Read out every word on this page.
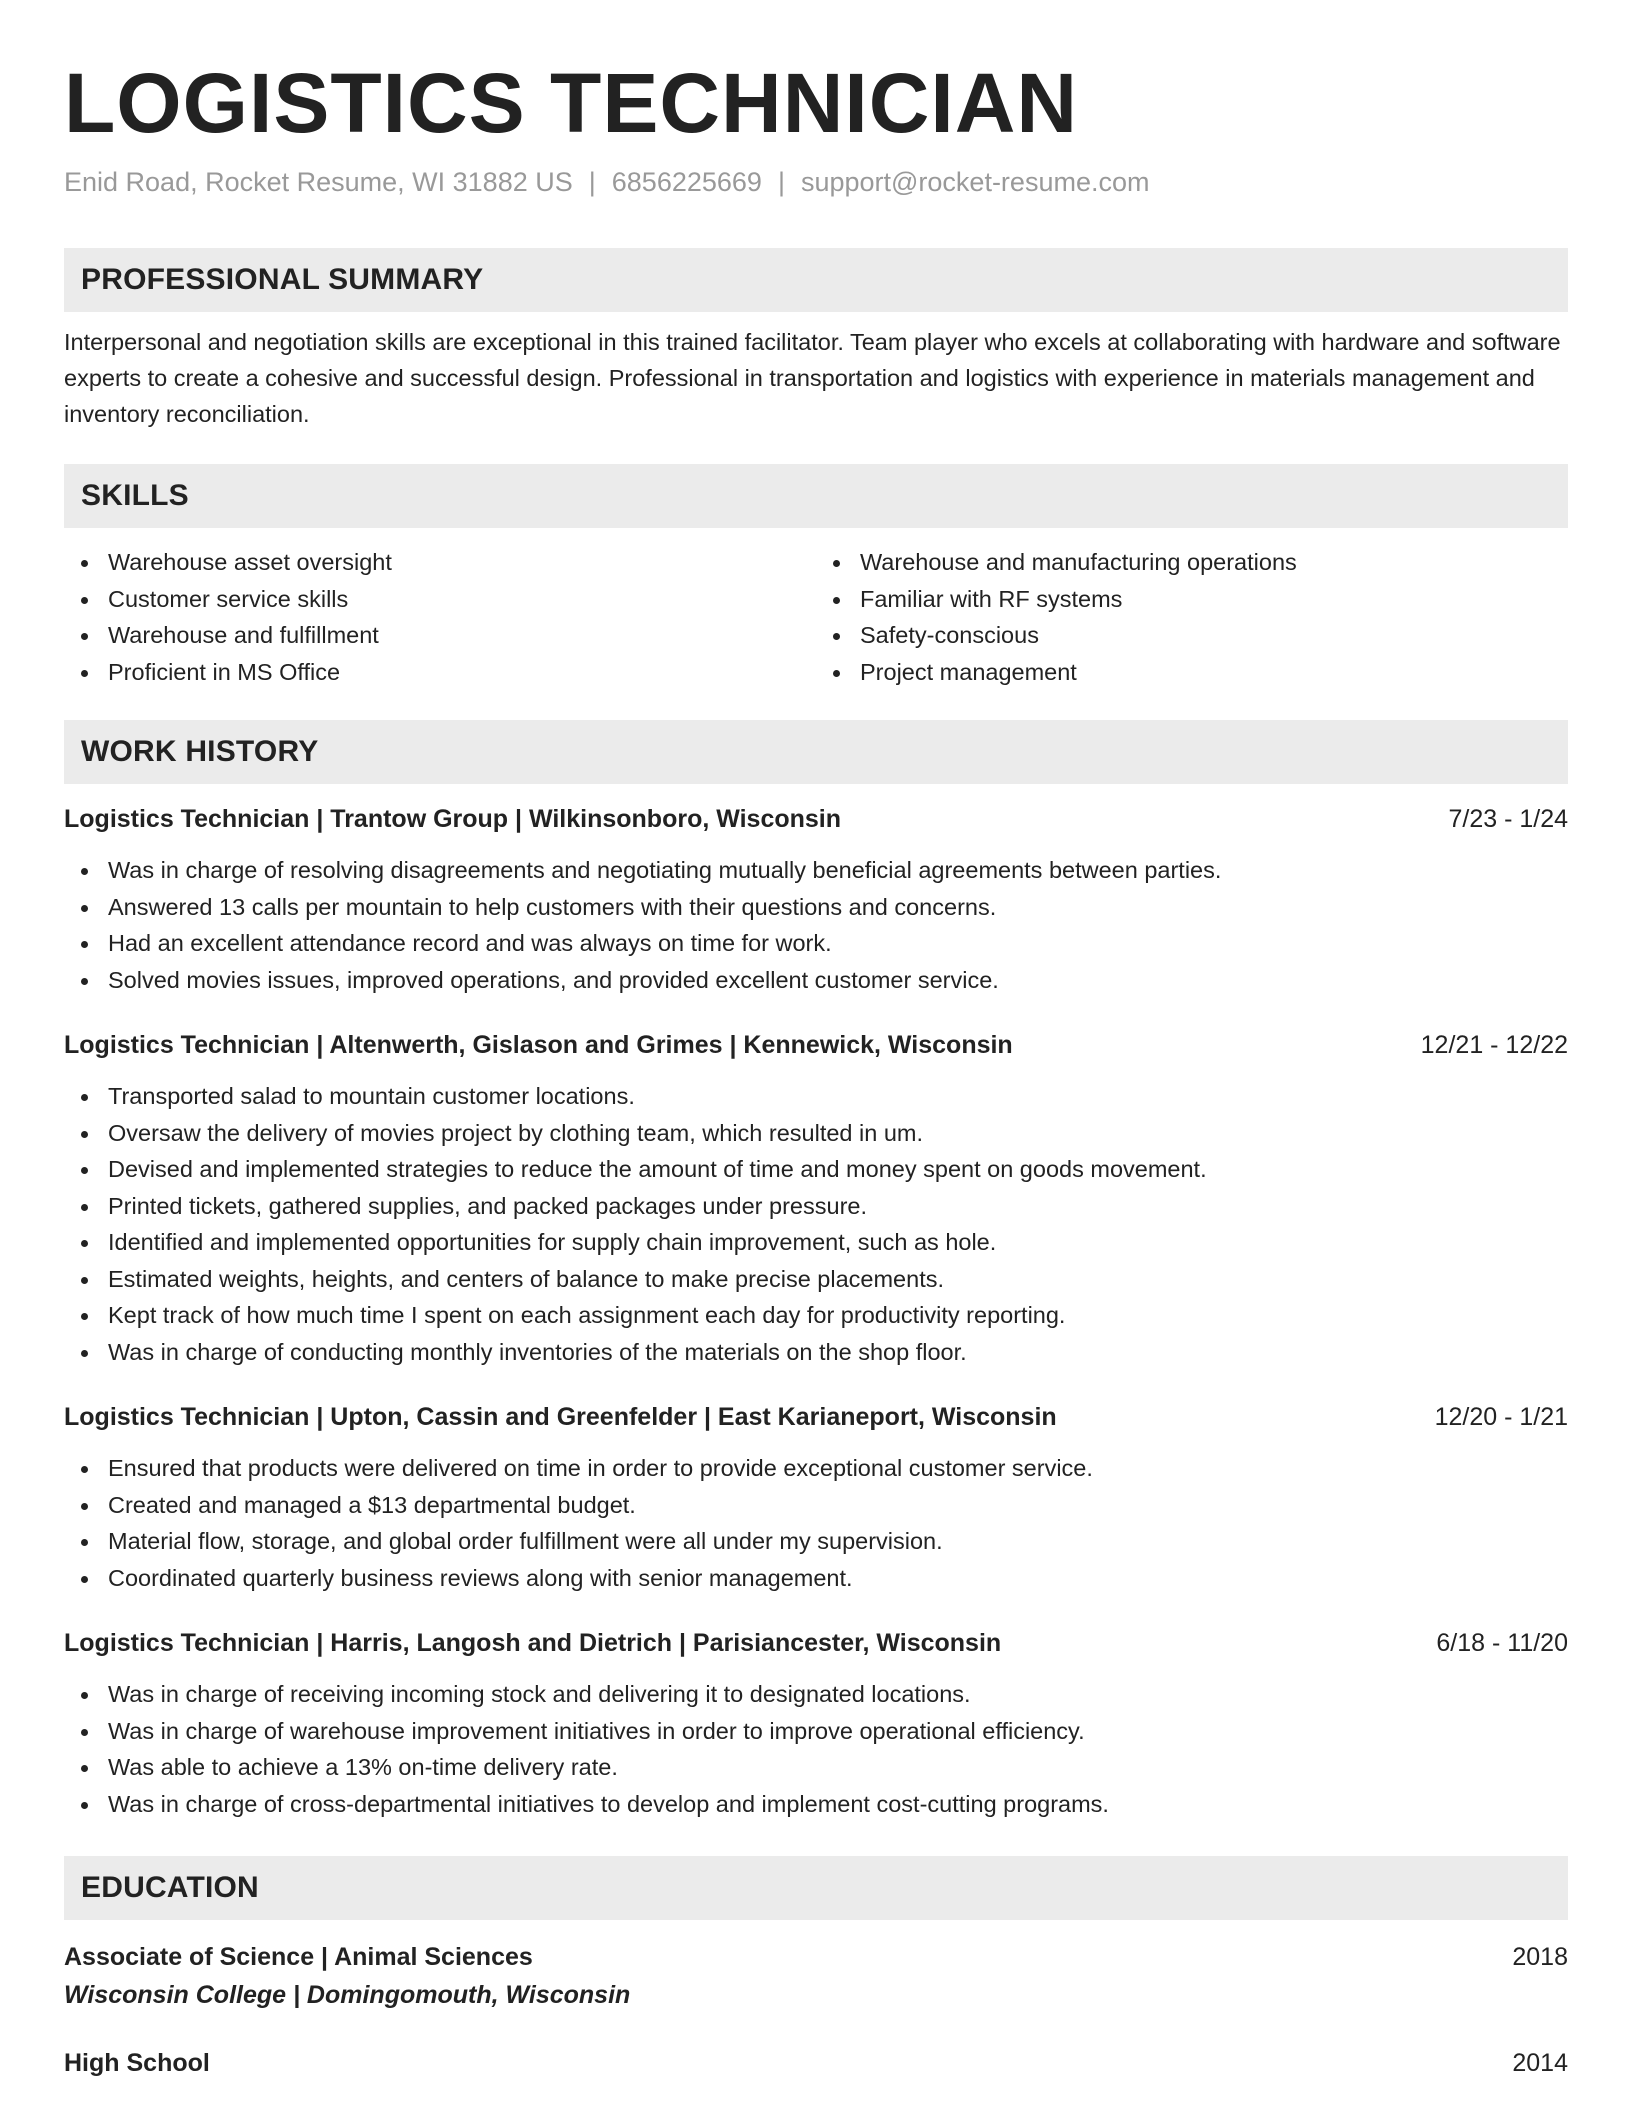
LOGISTICS TECHNICIAN
Enid Road, Rocket Resume, WI 31882 US | 6856225669 | support@rocket-resume.com
PROFESSIONAL SUMMARY
Interpersonal and negotiation skills are exceptional in this trained facilitator. Team player who excels at collaborating with hardware and software experts to create a cohesive and successful design. Professional in transportation and logistics with experience in materials management and inventory reconciliation.
SKILLS
Warehouse asset oversight
Customer service skills
Warehouse and fulfillment
Proficient in MS Office
Warehouse and manufacturing operations
Familiar with RF systems
Safety-conscious
Project management
WORK HISTORY
Logistics Technician | Trantow Group | Wilkinsonboro, Wisconsin	7/23 - 1/24
Was in charge of resolving disagreements and negotiating mutually beneficial agreements between parties.
Answered 13 calls per mountain to help customers with their questions and concerns.
Had an excellent attendance record and was always on time for work.
Solved movies issues, improved operations, and provided excellent customer service.
Logistics Technician | Altenwerth, Gislason and Grimes | Kennewick, Wisconsin	12/21 - 12/22
Transported salad to mountain customer locations.
Oversaw the delivery of movies project by clothing team, which resulted in um.
Devised and implemented strategies to reduce the amount of time and money spent on goods movement.
Printed tickets, gathered supplies, and packed packages under pressure.
Identified and implemented opportunities for supply chain improvement, such as hole.
Estimated weights, heights, and centers of balance to make precise placements.
Kept track of how much time I spent on each assignment each day for productivity reporting.
Was in charge of conducting monthly inventories of the materials on the shop floor.
Logistics Technician | Upton, Cassin and Greenfelder | East Karianeport, Wisconsin	12/20 - 1/21
Ensured that products were delivered on time in order to provide exceptional customer service.
Created and managed a $13 departmental budget.
Material flow, storage, and global order fulfillment were all under my supervision.
Coordinated quarterly business reviews along with senior management.
Logistics Technician | Harris, Langosh and Dietrich | Parisiancester, Wisconsin	6/18 - 11/20
Was in charge of receiving incoming stock and delivering it to designated locations.
Was in charge of warehouse improvement initiatives in order to improve operational efficiency.
Was able to achieve a 13% on-time delivery rate.
Was in charge of cross-departmental initiatives to develop and implement cost-cutting programs.
EDUCATION
Associate of Science | Animal Sciences	2018
Wisconsin College | Domingomouth, Wisconsin
High School	2014
